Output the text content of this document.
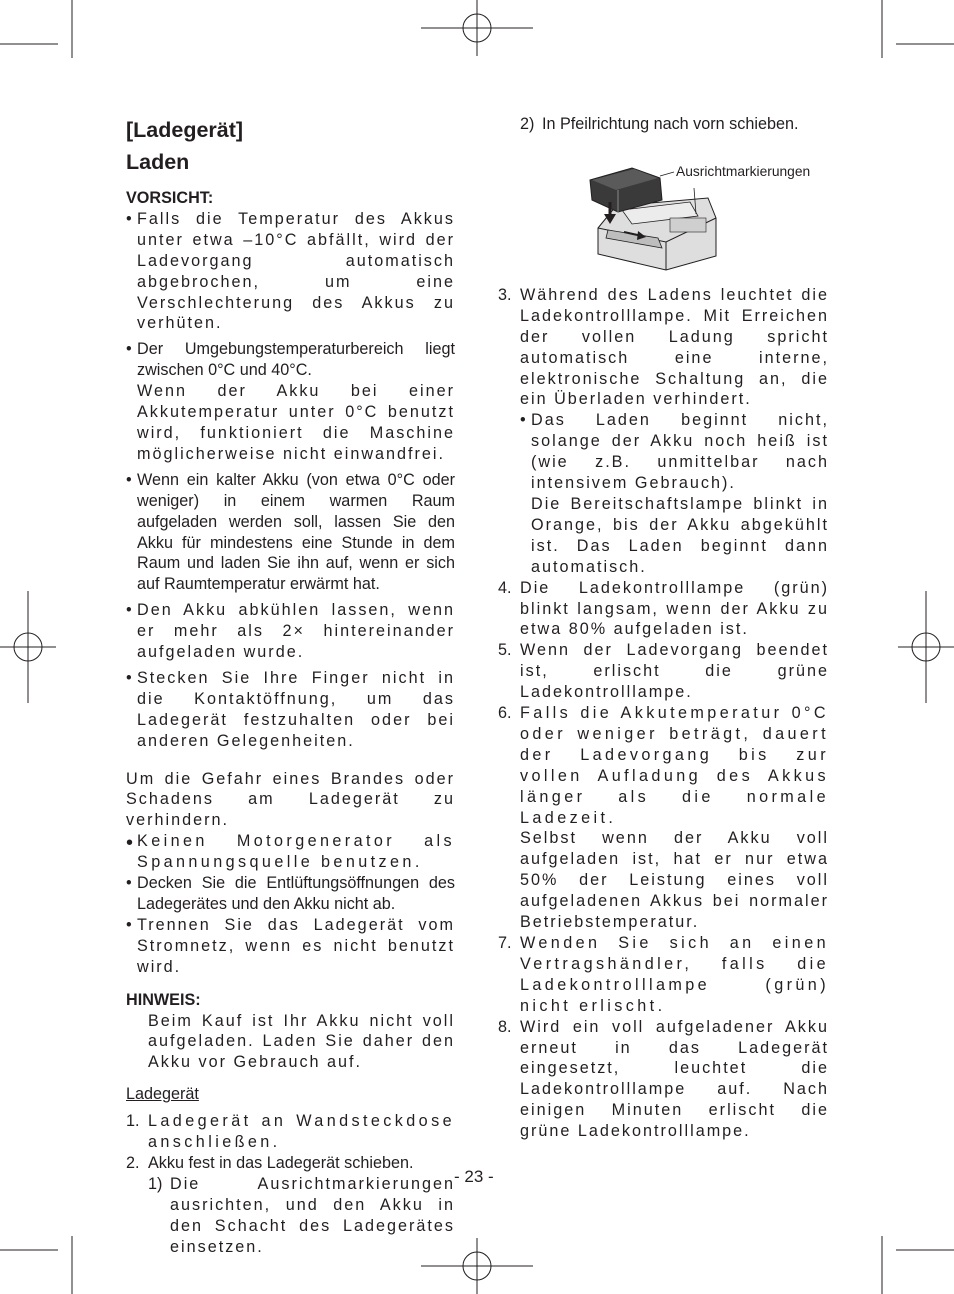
[Ladegerät]

Laden

VORSICHT:

• Falls die Temperatur des Akkus unter etwa –10°C abfällt, wird der Ladevorgang automatisch abgebrochen, um eine Verschlechterung des Akkus zu verhüten.
• Der Umgebungstemperaturbereich liegt zwischen 0°C und 40°C.
Wenn der Akku bei einer Akkutemperatur unter 0°C benutzt wird, funktioniert die Maschine möglicherweise nicht einwandfrei.
• Wenn ein kalter Akku (von etwa 0°C oder weniger) in einem warmen Raum aufgeladen werden soll, lassen Sie den Akku für mindestens eine Stunde in dem Raum und laden Sie ihn auf, wenn er sich auf Raumtemperatur erwärmt hat.
• Den Akku abkühlen lassen, wenn er mehr als 2× hintereinander aufgeladen wurde.
• Stecken Sie Ihre Finger nicht in die Kontaktöffnung, um das Ladegerät festzuhalten oder bei anderen Gelegenheiten.

Um die Gefahr eines Brandes oder Schadens am Ladegerät zu verhindern.

• Keinen Motorgenerator als Spannungsquelle benutzen.
• Decken Sie die Entlüftungsöffnungen des Ladegerätes und den Akku nicht ab.
• Trennen Sie das Ladegerät vom Stromnetz, wenn es nicht benutzt wird.

HINWEIS:

Beim Kauf ist Ihr Akku nicht voll aufgeladen. Laden Sie daher den Akku vor Gebrauch auf.

Ladegerät

1. Ladegerät an Wandsteckdose anschließen.
2. Akku fest in das Ladegerät schieben.
1) Die Ausrichtmarkierungen ausrichten, und den Akku in den Schacht des Ladegerätes einsetzen.
2) In Pfeilrichtung nach vorn schieben.

Ausrichtmarkierungen

3. Während des Ladens leuchtet die Ladekontrolllampe. Mit Erreichen der vollen Ladung spricht automatisch eine interne, elektronische Schaltung an, die ein Überladen verhindert.
• Das Laden beginnt nicht, solange der Akku noch heiß ist (wie z.B. unmittelbar nach intensivem Gebrauch).
Die Bereitschaftslampe blinkt in Orange, bis der Akku abgekühlt ist. Das Laden beginnt dann automatisch.
4. Die Ladekontrolllampe (grün) blinkt langsam, wenn der Akku zu etwa 80% aufgeladen ist.
5. Wenn der Ladevorgang beendet ist, erlischt die grüne Ladekontrolllampe.
6. Falls die Akkutemperatur 0°C oder weniger beträgt, dauert der Ladevorgang bis zur vollen Aufladung des Akkus länger als die normale Ladezeit.
Selbst wenn der Akku voll aufgeladen ist, hat er nur etwa 50% der Leistung eines voll aufgeladenen Akkus bei normaler Betriebstemperatur.
7. Wenden Sie sich an einen Vertragshändler, falls die Ladekontrolllampe (grün) nicht erlischt.
8. Wird ein voll aufgeladener Akku erneut in das Ladegerät eingesetzt, leuchtet die Ladekontrolllampe auf. Nach einigen Minuten erlischt die grüne Ladekontrolllampe.

- 23 -
